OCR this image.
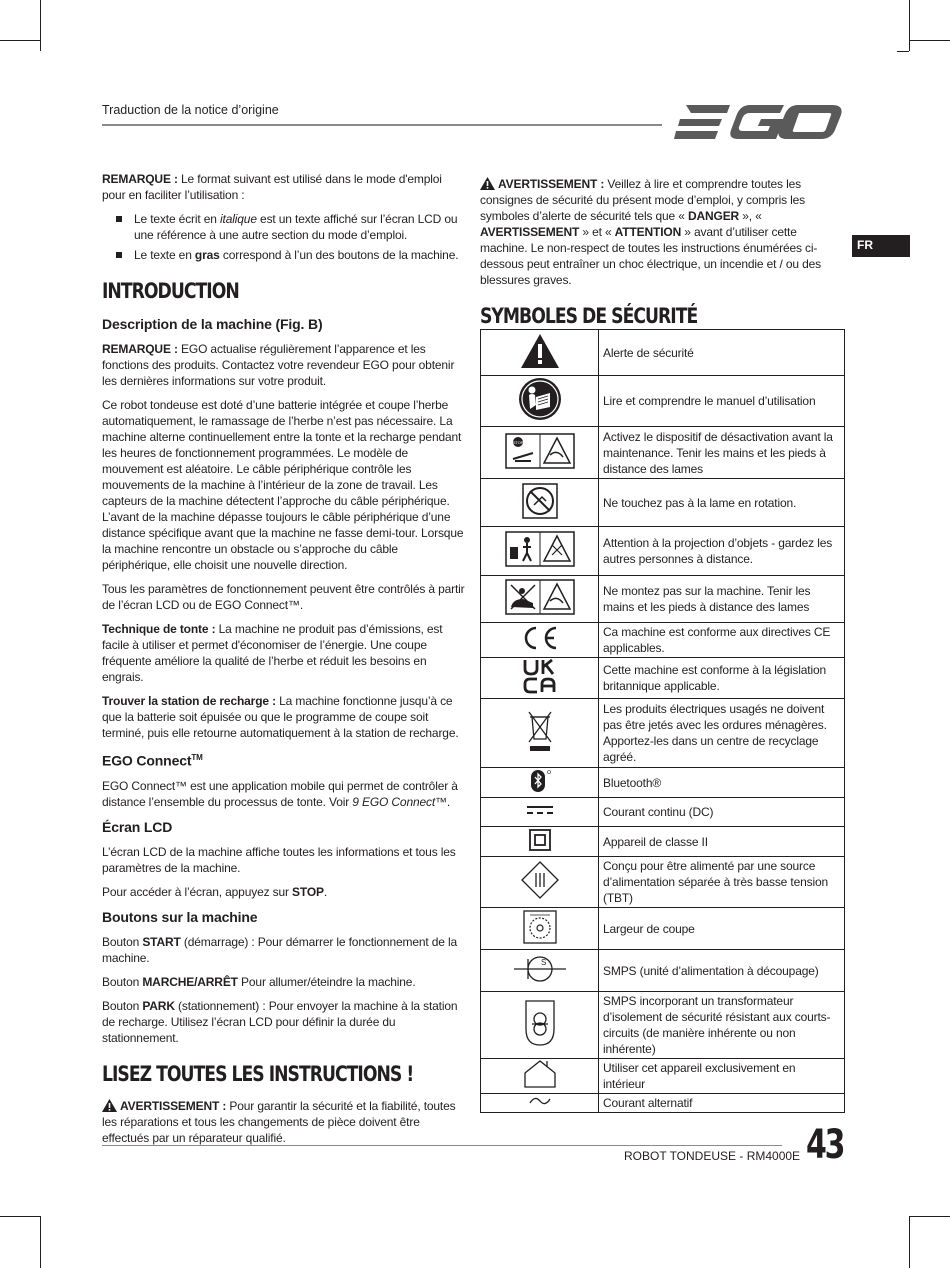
Traduction de la notice d’origine
FR

REMARQUE : Le format suivant est utilisé dans le mode d'emploi pour en faciliter l’utilisation :

Le texte écrit en italique est un texte affiché sur l’écran LCD ou une référence à une autre section du mode d’emploi.
Le texte en gras correspond à l’un des boutons de la machine.
INTRODUCTION
Description de la machine (Fig. B)

REMARQUE : EGO actualise régulièrement l’apparence et les fonctions des produits. Contactez votre revendeur EGO pour obtenir les dernières informations sur votre produit.

Ce robot tondeuse est doté d’une batterie intégrée et coupe l’herbe automatiquement, le ramassage de l’herbe n’est pas nécessaire. La machine alterne continuellement entre la tonte et la recharge pendant les heures de fonctionnement programmées. Le modèle de mouvement est aléatoire. Le câble périphérique contrôle les mouvements de la machine à l’intérieur de la zone de travail. Les capteurs de la machine détectent l’approche du câble périphérique. L’avant de la machine dépasse toujours le câble périphérique d’une distance spécifique avant que la machine ne fasse demi-tour. Lorsque la machine rencontre un obstacle ou s’approche du câble périphérique, elle choisit une nouvelle direction.

Tous les paramètres de fonctionnement peuvent être contrôlés à partir de l’écran LCD ou de EGO Connect™.

Technique de tonte : La machine ne produit pas d’émissions, est facile à utiliser et permet d'économiser de l’énergie. Une coupe fréquente améliore la qualité de l’herbe et réduit les besoins en engrais.

Trouver la station de recharge : La machine fonctionne jusqu’à ce que la batterie soit épuisée ou que le programme de coupe soit terminé, puis elle retourne automatiquement à la station de recharge.

EGO Connect™

EGO Connect™ est une application mobile qui permet de contrôler à distance l’ensemble du processus de tonte. Voir 9 EGO Connect™.

Écran LCD

L’écran LCD de la machine affiche toutes les informations et tous les paramètres de la machine.

Pour accéder à l’écran, appuyez sur STOP.

Boutons sur la machine

Bouton START (démarrage) : Pour démarrer le fonctionnement de la machine.

Bouton MARCHE/ARRÊT Pour allumer/éteindre la machine.

Bouton PARK (stationnement) : Pour envoyer la machine à la station de recharge. Utilisez l’écran LCD pour définir la durée du stationnement.

LISEZ TOUTES LES INSTRUCTIONS !

AVERTISSEMENT : Pour garantir la sécurité et la fiabilité, toutes les réparations et tous les changements de pièce doivent être effectués par un réparateur qualifié.

AVERTISSEMENT : Veillez à lire et comprendre toutes les consignes de sécurité du présent mode d’emploi, y compris les symboles d’alerte de sécurité tels que « DANGER », « AVERTISSEMENT » et « ATTENTION » avant d’utiliser cette machine. Le non-respect de toutes les instructions énumérées ci-dessous peut entraîner un choc électrique, un incendie et / ou des blessures graves.

SYMBOLES DE SÉCURITÉ
	Alerte de sécurité
	Lire et comprendre le manuel d’utilisation

STOP	Activez le dispositif de désactivation avant la maintenance. Tenir les mains et les pieds à distance des lames
	Ne touchez pas à la lame en rotation.
	Attention à la projection d’objets - gardez les autres personnes à distance.
	Ne montez pas sur la machine. Tenir les mains et les pieds à distance des lames
	Ca machine est conforme aux directives CE applicables.
	Cette machine est conforme à la législation britannique applicable.
	Les produits électriques usagés ne doivent pas être jetés avec les ordures ménagères. Apportez-les dans un centre de recyclage agréé.
	Bluetooth®
	Courant continu (DC)
	Appareil de classe II
	Conçu pour être alimenté par une source d’alimentation séparée à très basse tension (TBT)
	Largeur de coupe

S	SMPS (unité d’alimentation à découpage)
	SMPS incorporant un transformateur d’isolement de sécurité résistant aux courts-circuits (de manière inhérente ou non inhérente)
	Utiliser cet appareil exclusivement en intérieur
	Courant alternatif
ROBOT TONDEUSE - RM4000E 43
